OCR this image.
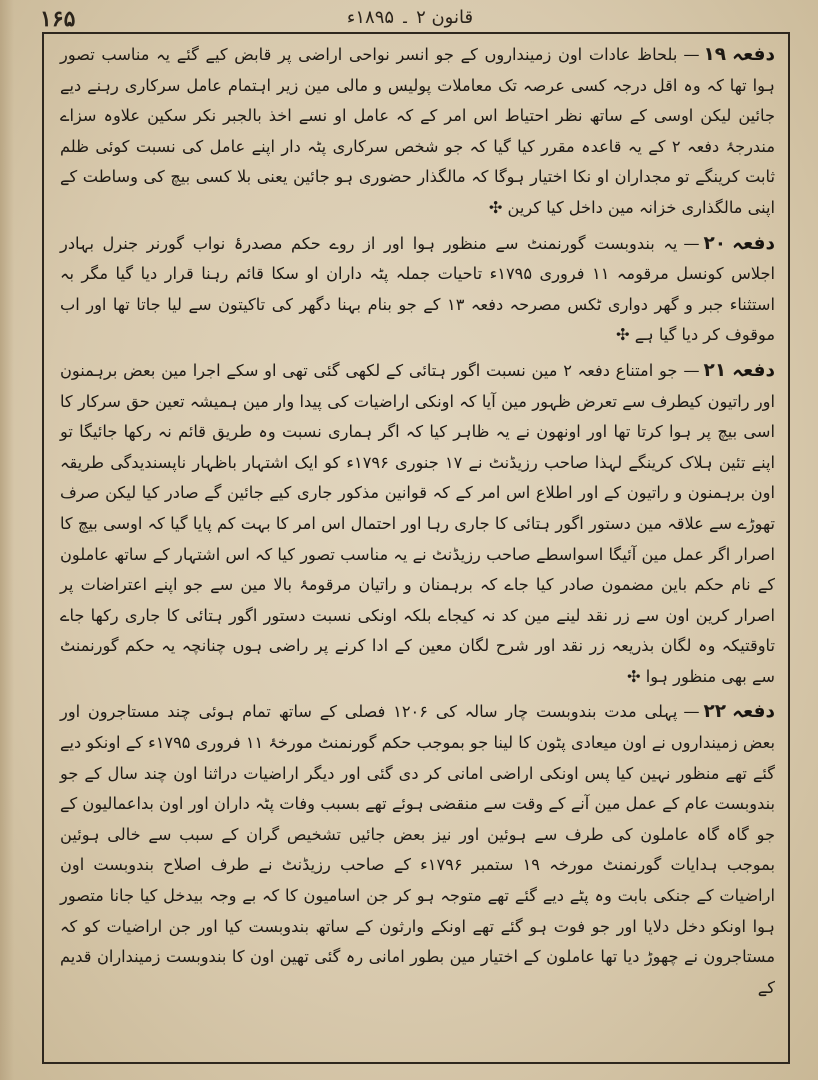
۱۶۵	قانون ۲ ۔ ۱۸۹۵ء

دفعہ۱۹—بلحاظ عادات اون زمینداروں کے جو انسر نواحی اراضی پر قابض کیے گئے یہ مناسب تصور ہوا تھا کہ وہ اقل درجہ کسی عرصہ تک معاملات پولیس و مالی مین زیر اہتمام عامل سرکاری رہنے دیے جائین لیکن اوسی کے ساتھ نظر احتیاط اس امر کے کہ عامل او نسے اخذ بالجبر نکر سکین علاوہ سزاے مندرجۂ دفعہ ۲ کے یہ قاعدہ مقرر کیا گیا کہ جو شخص سرکاری پٹہ دار اپنے عامل کی نسبت کوئی ظلم ثابت کرینگے تو مجداران او نکا اختیار ہوگا کہ مالگذار حضوری ہو جائین یعنی بلا کسی بیچ کی وساطت کے اپنی مالگذاری خزانہ مین داخل کیا کرین ✣

دفعہ۲۰—یہ بندوبست گورنمنٹ سے منظور ہوا اور از روے حکم مصدرۂ نواب گورنر جنرل بہادر اجلاس کونسل مرقومہ ۱۱ فروری ۱۷۹۵ء تاحیات جملہ پٹہ داران او سکا قائم رہنا قرار دیا گیا مگر بہ استثناء جبر و گھر دواری ٹکس مصرحہ دفعہ ۱۳ کے جو بنام بہنا دگھر کی تاکیتون سے لیا جاتا تھا اور اب موقوف کر دیا گیا ہے ✣

دفعہ۲۱—جو امتناع دفعہ ۲ مین نسبت اگور ہتائی کے لکھی گئی تھی او سکے اجرا مین بعض برہمنون اور راتیون کیطرف سے تعرض ظہور مین آیا کہ اونکی اراضیات کی پیدا وار مین ہمیشہ تعین حق سرکار کا اسی بیچ پر ہوا کرتا تھا اور اونھون نے یہ ظاہر کیا کہ اگر ہماری نسبت وہ طریق قائم نہ رکھا جائیگا تو اپنے تئین ہلاک کرینگے لہذا صاحب رزیڈنٹ نے ۱۷ جنوری ۱۷۹۶ء کو ایک اشتہار باظہار ناپسندیدگی طریقہ اون برہمنون و راتیون کے اور اطلاع اس امر کے کہ قوانین مذکور جاری کیے جائین گے صادر کیا لیکن صرف تھوڑے سے علاقہ مین دستور اگور ہتائی کا جاری رہا اور احتمال اس امر کا بہت کم پایا گیا کہ اوسی بیچ کا اصرار اگر عمل مین آئیگا اسواسطے صاحب رزیڈنٹ نے یہ مناسب تصور کیا کہ اس اشتہار کے ساتھ عاملون کے نام حکم باین مضمون صادر کیا جاے کہ برہمنان و راتیان مرقومۂ بالا مین سے جو اپنے اعتراضات پر اصرار کرین اون سے زر نقد لینے مین کد نہ کیجاے بلکہ اونکی نسبت دستور اگور ہتائی کا جاری رکھا جاے تاوقتیکہ وہ لگان بذریعہ زر نقد اور شرح لگان معین کے ادا کرنے پر راضی ہوں چنانچہ یہ حکم گورنمنٹ سے بھی منظور ہوا ✣

دفعہ۲۲—پہلی مدت بندوبست چار سالہ کی ۱۲۰۶ فصلی کے ساتھ تمام ہوئی چند مستاجرون اور بعض زمینداروں نے اون میعادی پٹون کا لینا جو بموجب حکم گورنمنٹ مورخۂ ۱۱ فروری ۱۷۹۵ء کے اونکو دیے گئے تھے منظور نہین کیا پس اونکی اراضی امانی کر دی گئی اور دیگر اراضیات دراثنا اون چند سال کے جو بندوبست عام کے عمل مین آنے کے وقت سے منقضی ہوئے تھے بسبب وفات پٹہ داران اور اون بداعمالیون کے جو گاہ گاہ عاملون کی طرف سے ہوئین اور نیز بعض جائیں تشخیص گران کے سبب سے خالی ہوئین بموجب ہدایات گورنمنٹ مورخہ ۱۹ ستمبر ۱۷۹۶ء کے صاحب رزیڈنٹ نے طرف اصلاح بندوبست اون اراضیات کے جنکی بابت وہ پٹے دیے گئے تھے متوجہ ہو کر جن اسامیون کا کہ بے وجہ بیدخل کیا جانا متصور ہوا اونکو دخل دلایا اور جو فوت ہو گئے تھے اونکے وارثون کے ساتھ بندوبست کیا اور جن اراضیات کو کہ مستاجرون نے چھوڑ دیا تھا عاملون کے اختیار مین بطور امانی رہ گئی تھین اون کا بندوبست زمینداران قدیم کے
